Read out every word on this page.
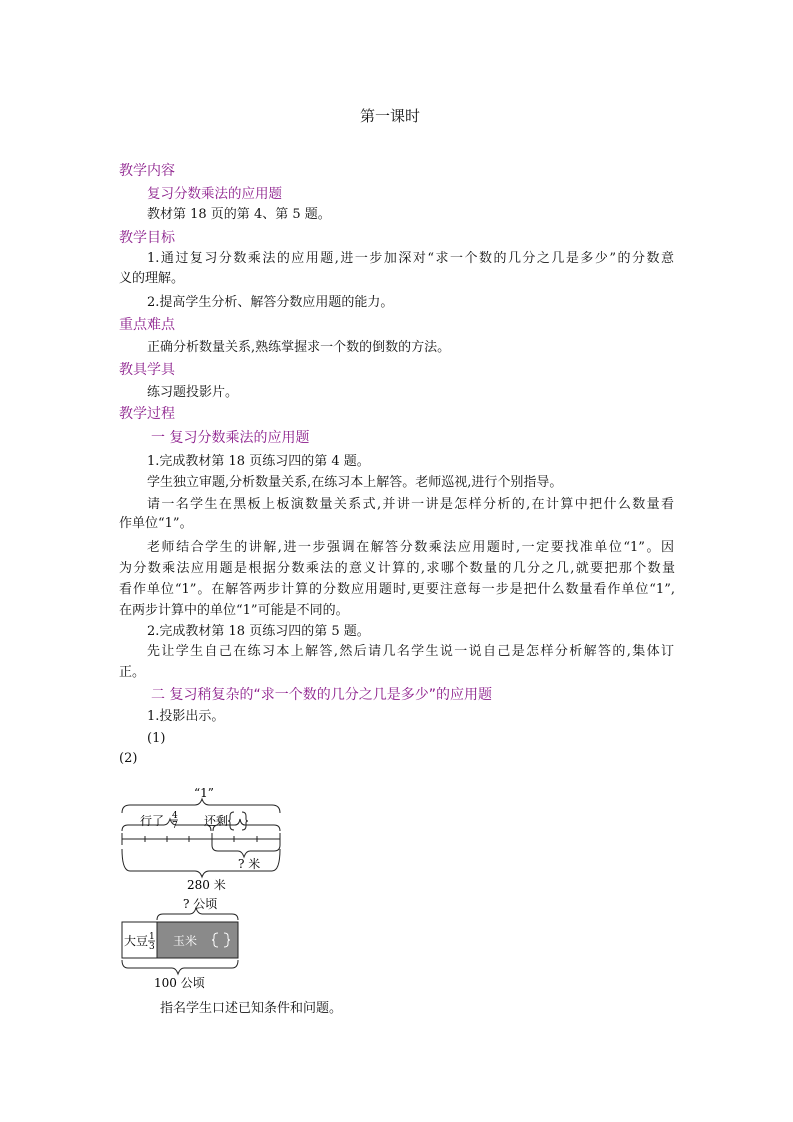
第一课时
教学内容
复习分数乘法的应用题
教材第 18 页的第 4、第 5 题。
教学目标
1.通过复习分数乘法的应用题,进一步加深对“求一个数的几分之几是多少”的分数意
义的理解。
2.提高学生分析、解答分数应用题的能力。
重点难点
正确分析数量关系,熟练掌握求一个数的倒数的方法。
教具学具
练习题投影片。
教学过程
一 复习分数乘法的应用题
1.完成教材第 18 页练习四的第 4 题。
学生独立审题,分析数量关系,在练习本上解答。老师巡视,进行个别指导。
请一名学生在黑板上板演数量关系式,并讲一讲是怎样分析的,在计算中把什么数量看
作单位“1”。
老师结合学生的讲解,进一步强调在解答分数乘法应用题时,一定要找准单位“1”。因
为分数乘法应用题是根据分数乘法的意义计算的,求哪个数量的几分之几,就要把那个数量
看作单位“1”。在解答两步计算的分数应用题时,更要注意每一步是把什么数量看作单位“1”,
在两步计算中的单位“1”可能是不同的。
2.完成教材第 18 页练习四的第 5 题。
先让学生自己在练习本上解答,然后请几名学生说一说自己是怎样分析解答的,集体订
正。
二 复习稍复杂的“求一个数的几分之几是多少”的应用题
1.投影出示。
(1)
(2)
“1”
行了 4
7 还剩
? 米
280 米
? 公顷
大豆 1
3 玉米
100 公顷
指名学生口述已知条件和问题。
